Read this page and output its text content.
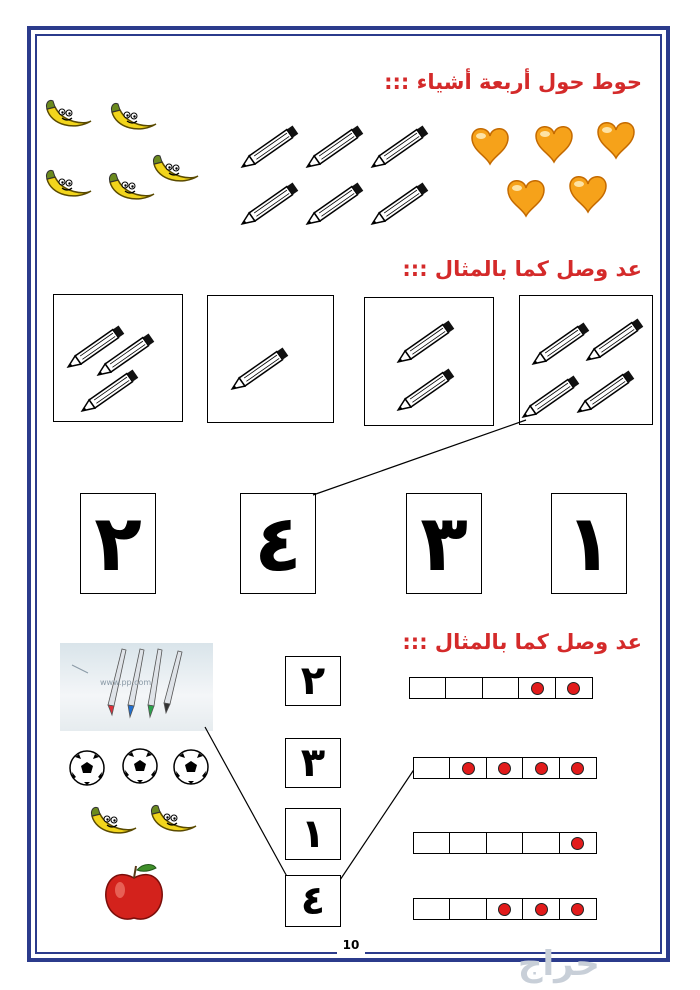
حوط حول أربعة أشياء :::
عد وصل كما بالمثال :::
٢ ٤ ٣ ١
عد وصل كما بالمثال :::
www.pp.com	٢
٣
١
٤
10	حراج
